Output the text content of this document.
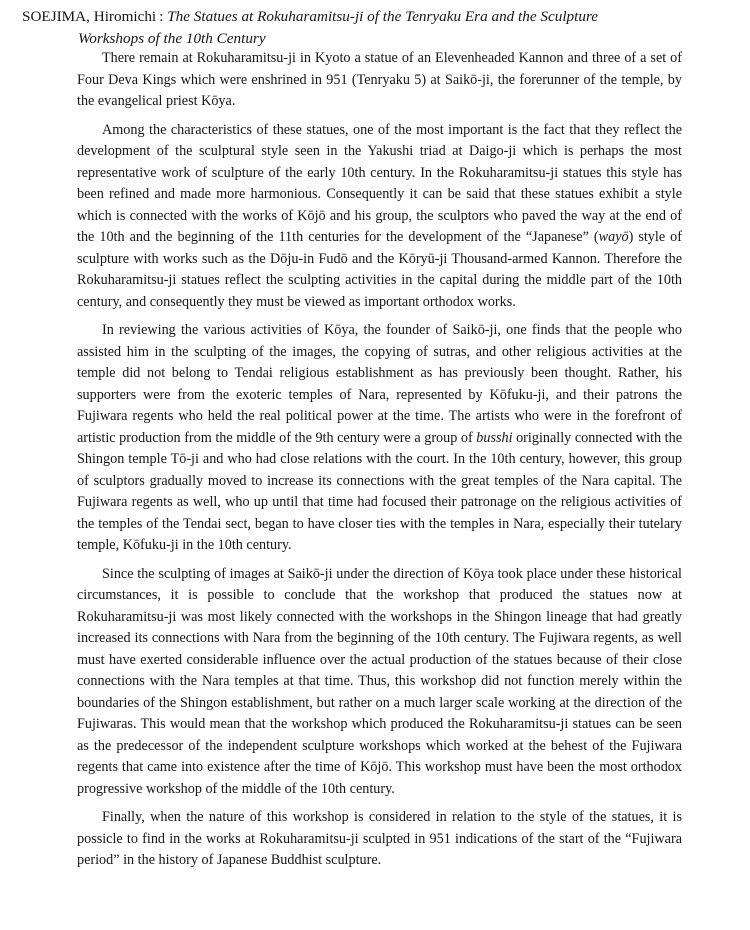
SOEJIMA, Hiromichi : The Statues at Rokuharamitsu-ji of the Tenryaku Era and the Sculpture
Workshops of the 10th Century

There remain at Rokuharamitsu-ji in Kyoto a statue of an Elevenheaded Kannon and three of a set of Four Deva Kings which were enshrined in 951 (Tenryaku 5) at Saikō-ji, the forerunner of the temple, by the evangelical priest Kōya.

Among the characteristics of these statues, one of the most important is the fact that they reflect the development of the sculptural style seen in the Yakushi triad at Daigo-ji which is perhaps the most representative work of sculpture of the early 10th century. In the Rokuharamitsu-ji statues this style has been refined and made more harmonious. Consequently it can be said that these statues exhibit a style which is connected with the works of Kōjō and his group, the sculptors who paved the way at the end of the 10th and the beginning of the 11th centuries for the development of the “Japanese” (wayō) style of sculpture with works such as the Dōju-in Fudō and the Kōryū-ji Thousand-armed Kannon. Therefore the Rokuharamitsu-ji statues reflect the sculpting activities in the capital during the middle part of the 10th century, and consequently they must be viewed as important orthodox works.

In reviewing the various activities of Kōya, the founder of Saikō-ji, one finds that the people who assisted him in the sculpting of the images, the copying of sutras, and other religious activities at the temple did not belong to Tendai religious establishment as has previously been thought. Rather, his supporters were from the exoteric temples of Nara, represented by Kōfuku-ji, and their patrons the Fujiwara regents who held the real political power at the time. The artists who were in the forefront of artistic production from the middle of the 9th century were a group of busshi originally connected with the Shingon temple Tō-ji and who had close relations with the court. In the 10th century, however, this group of sculptors gradually moved to increase its connections with the great temples of the Nara capital. The Fujiwara regents as well, who up until that time had focused their patronage on the religious activities of the temples of the Tendai sect, began to have closer ties with the temples in Nara, especially their tutelary temple, Kōfuku-ji in the 10th century.

Since the sculpting of images at Saikō-ji under the direction of Kōya took place under these historical circumstances, it is possible to conclude that the workshop that produced the statues now at Rokuharamitsu-ji was most likely connected with the workshops in the Shingon lineage that had greatly increased its connections with Nara from the beginning of the 10th century. The Fujiwara regents, as well must have exerted considerable influence over the actual production of the statues because of their close connections with the Nara temples at that time. Thus, this workshop did not function merely within the boundaries of the Shingon establishment, but rather on a much larger scale working at the direction of the Fujiwaras. This would mean that the workshop which produced the Rokuharamitsu-ji statues can be seen as the predecessor of the independent sculpture workshops which worked at the behest of the Fujiwara regents that came into existence after the time of Kōjō. This workshop must have been the most orthodox progressive workshop of the middle of the 10th century.

Finally, when the nature of this workshop is considered in relation to the style of the statues, it is possicle to find in the works at Rokuharamitsu-ji sculpted in 951 indications of the start of the “Fujiwara period” in the history of Japanese Buddhist sculpture.
